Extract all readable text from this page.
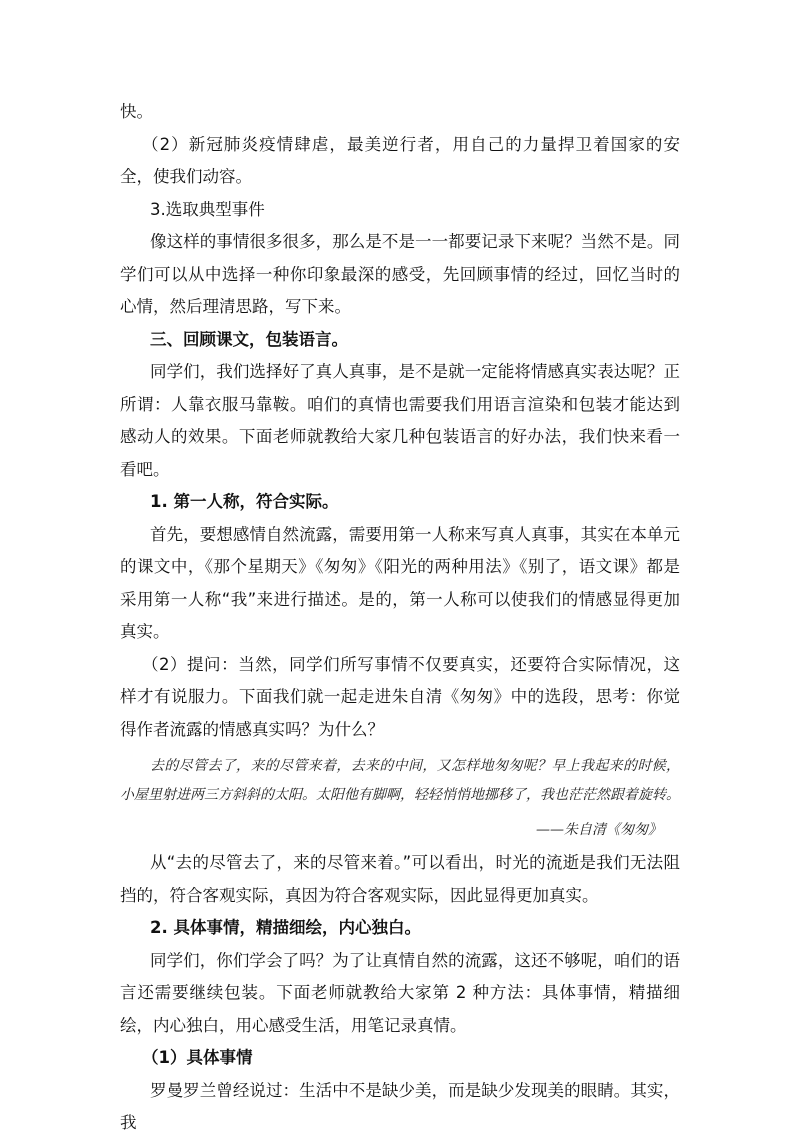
快。

（2）新冠肺炎疫情肆虐，最美逆行者，用自己的力量捍卫着国家的安全，使我们动容。

3.选取典型事件

像这样的事情很多很多，那么是不是一一都要记录下来呢？当然不是。同学们可以从中选择一种你印象最深的感受，先回顾事情的经过，回忆当时的心情，然后理清思路，写下来。

三、回顾课文，包装语言。

同学们，我们选择好了真人真事，是不是就一定能将情感真实表达呢？正所谓：人靠衣服马靠鞍。咱们的真情也需要我们用语言渲染和包装才能达到感动人的效果。下面老师就教给大家几种包装语言的好办法，我们快来看一看吧。

1. 第一人称，符合实际。

首先，要想感情自然流露，需要用第一人称来写真人真事，其实在本单元的课文中，《那个星期天》《匆匆》《阳光的两种用法》《别了，语文课》都是采用第一人称“我”来进行描述。是的，第一人称可以使我们的情感显得更加真实。

（2）提问：当然，同学们所写事情不仅要真实，还要符合实际情况，这样才有说服力。下面我们就一起走进朱自清《匆匆》中的选段，思考：你觉得作者流露的情感真实吗？为什么？

去的尽管去了，来的尽管来着，去来的中间，又怎样地匆匆呢？早上我起来的时候，小屋里射进两三方斜斜的太阳。太阳他有脚啊，轻轻悄悄地挪移了，我也茫茫然跟着旋转。

——朱自清《匆匆》

从“去的尽管去了，来的尽管来着。”可以看出，时光的流逝是我们无法阻挡的，符合客观实际，真因为符合客观实际，因此显得更加真实。

2. 具体事情，精描细绘，内心独白。

同学们，你们学会了吗？为了让真情自然的流露，这还不够呢，咱们的语言还需要继续包装。下面老师就教给大家第 2 种方法：具体事情，精描细绘，内心独白，用心感受生活，用笔记录真情。

（1）具体事情

罗曼罗兰曾经说过：生活中不是缺少美，而是缺少发现美的眼睛。其实，我
